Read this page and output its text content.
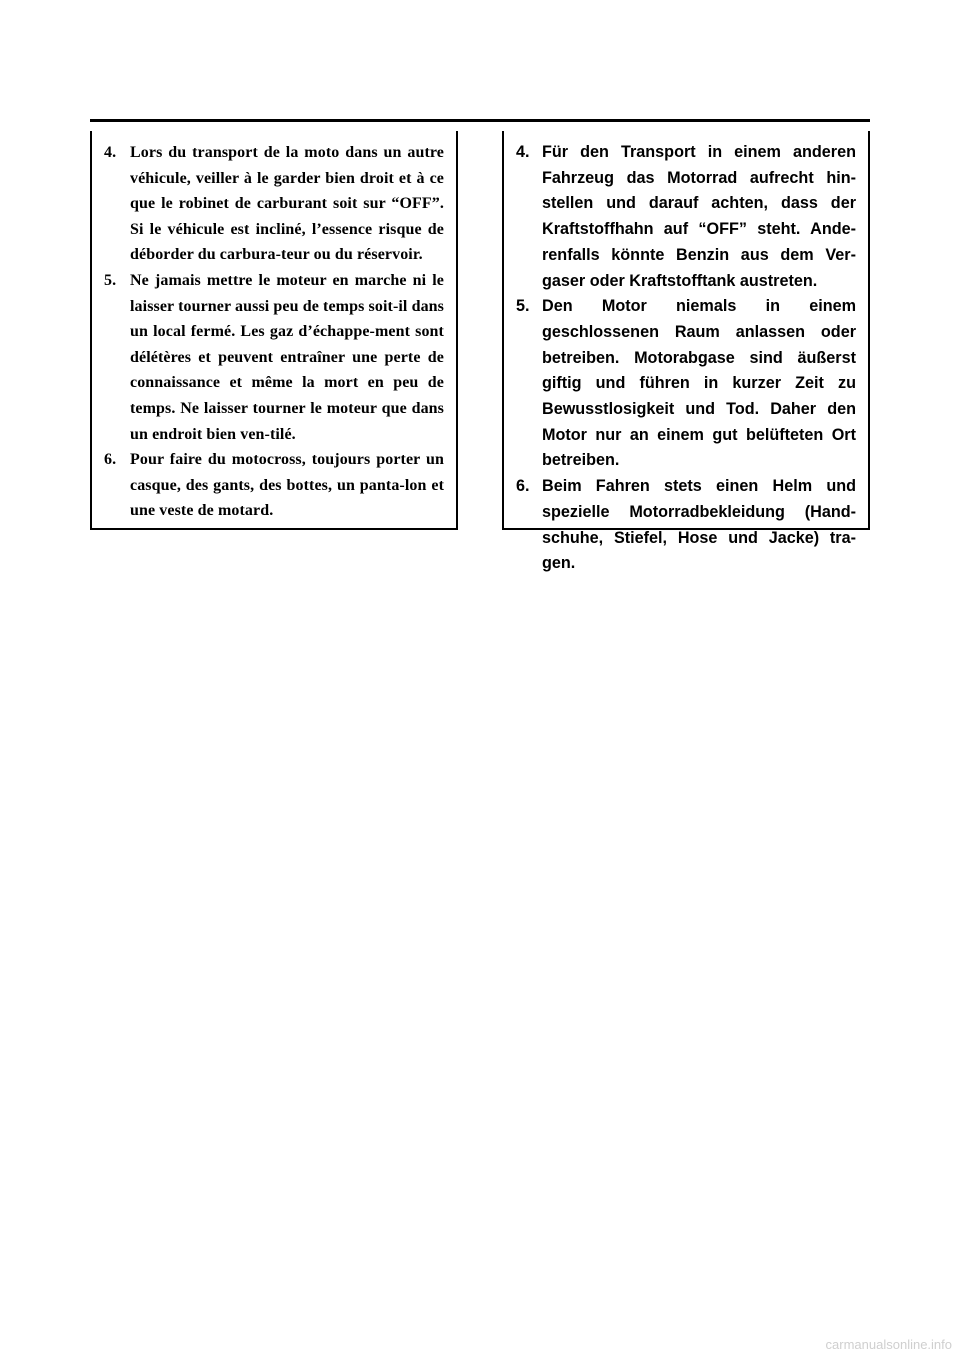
4. Lors du transport de la moto dans un autre véhicule, veiller à le garder bien droit et à ce que le robinet de carburant soit sur “OFF”. Si le véhicule est incliné, l’essence risque de déborder du carbura-teur ou du réservoir.
5. Ne jamais mettre le moteur en marche ni le laisser tourner aussi peu de temps soit-il dans un local fermé. Les gaz d’échappe-ment sont délétères et peuvent entraîner une perte de connaissance et même la mort en peu de temps. Ne laisser tourner le moteur que dans un endroit bien ven-tilé.
6. Pour faire du motocross, toujours porter un casque, des gants, des bottes, un panta-lon et une veste de motard.
4. Für den Transport in einem anderen Fahrzeug das Motorrad aufrecht hin-stellen und darauf achten, dass der Kraftstoffhahn auf “OFF” steht. Ande-renfalls könnte Benzin aus dem Ver-gaser oder Kraftstofftank austreten.
5. Den Motor niemals in einem geschlossenen Raum anlassen oder betreiben. Motorabgase sind äußerst giftig und führen in kurzer Zeit zu Bewusstlosigkeit und Tod. Daher den Motor nur an einem gut belüfteten Ort betreiben.
6. Beim Fahren stets einen Helm und spezielle Motorradbekleidung (Hand-schuhe, Stiefel, Hose und Jacke) tra-gen.
carmanualsonline.info
